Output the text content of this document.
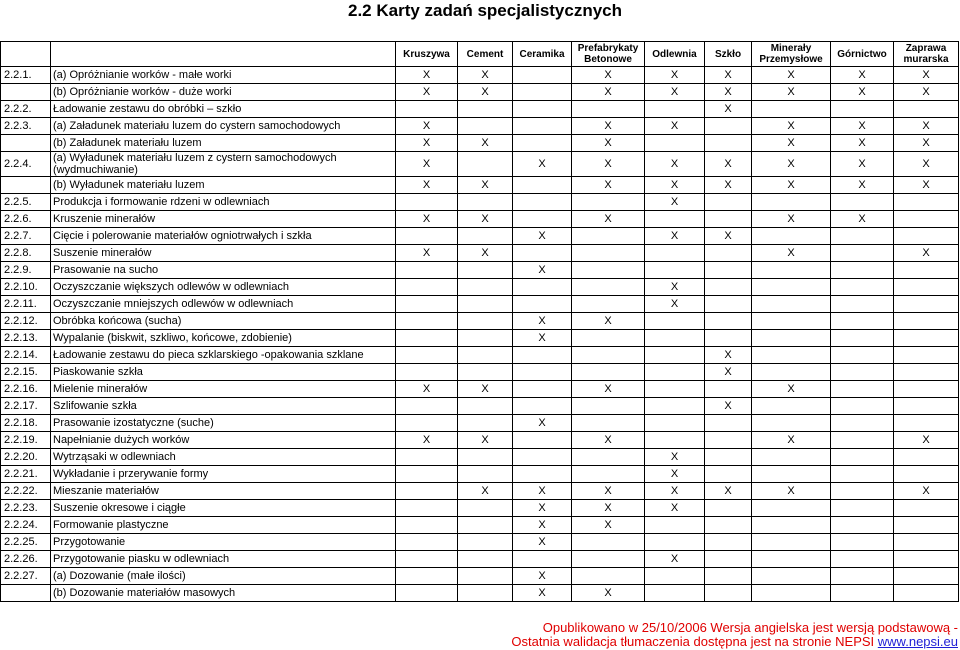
2.2 Karty zadań specjalistycznych
		Kruszywa	Cement	Ceramika	Prefabrykaty Betonowe	Odlewnia	Szkło	Minerały Przemysłowe	Górnictwo	Zaprawa murarska
2.2.1.	(a) Opróżnianie worków - małe worki	X	X		X	X	X	X	X	X
	(b) Opróżnianie worków - duże worki	X	X		X	X	X	X	X	X
2.2.2.	Ładowanie zestawu do obróbki – szkło						X			
2.2.3.	(a) Załadunek materiału luzem do cystern samochodowych	X			X	X		X	X	X
	(b) Załadunek materiału luzem	X	X		X			X	X	X
2.2.4.	(a) Wyładunek materiału luzem z cystern samochodowych (wydmuchiwanie)	X		X	X	X	X	X	X	X
	(b) Wyładunek materiału luzem	X	X		X	X	X	X	X	X
2.2.5.	Produkcja i formowanie rdzeni w odlewniach					X				
2.2.6.	Kruszenie minerałów	X	X		X			X	X	
2.2.7.	Cięcie i polerowanie materiałów ogniotrwałych i szkła			X		X	X			
2.2.8.	Suszenie minerałów	X	X					X		X
2.2.9.	Prasowanie na sucho			X						
2.2.10.	Oczyszczanie większych odlewów w odlewniach					X				
2.2.11.	Oczyszczanie mniejszych odlewów w odlewniach					X				
2.2.12.	Obróbka końcowa (sucha)			X	X					
2.2.13.	Wypalanie (biskwit, szkliwo, końcowe, zdobienie)			X						
2.2.14.	Ładowanie zestawu do pieca szklarskiego -opakowania szklane						X			
2.2.15.	Piaskowanie szkła						X			
2.2.16.	Mielenie minerałów	X	X		X			X		
2.2.17.	Szlifowanie szkła						X			
2.2.18.	Prasowanie izostatyczne (suche)			X						
2.2.19.	Napełnianie dużych worków	X	X		X			X		X
2.2.20.	Wytrząsaki w odlewniach					X				
2.2.21.	Wykładanie i przerywanie formy					X				
2.2.22.	Mieszanie materiałów		X	X	X	X	X	X		X
2.2.23.	Suszenie okresowe i ciągłe			X	X	X				
2.2.24.	Formowanie plastyczne			X	X					
2.2.25.	Przygotowanie			X						
2.2.26.	Przygotowanie piasku w odlewniach					X				
2.2.27.	(a) Dozowanie (małe ilości)			X						
	(b) Dozowanie materiałów masowych			X	X					
Opublikowano w 25/10/2006 Wersja angielska jest wersją podstawową -
Ostatnia walidacja tłumaczenia dostępna jest na stronie NEPSI www.nepsi.eu
